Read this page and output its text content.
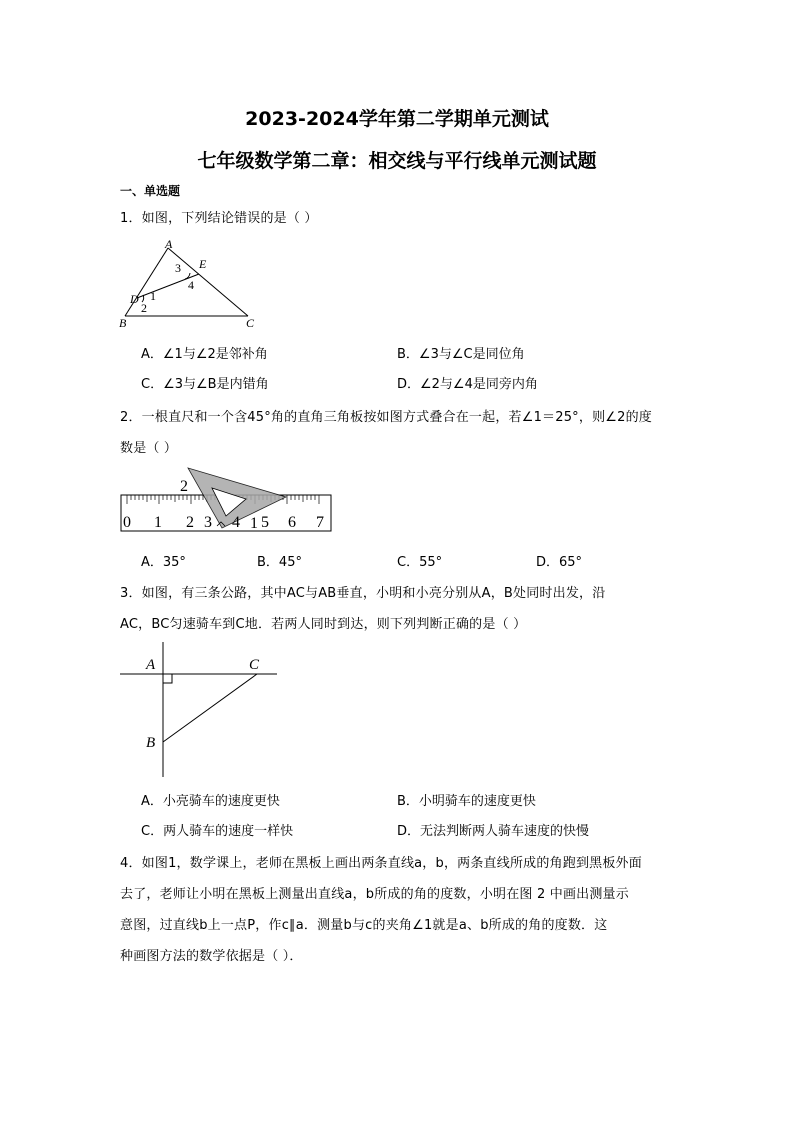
2023-2024学年第二学期单元测试
七年级数学第二章：相交线与平行线单元测试题
一、单选题
1．如图，下列结论错误的是（ ）
A
E
3
4
1
D
2
B	C
A．∠1与∠2是邻补角	B．∠3与∠C是同位角
C．∠3与∠B是内错角	D．∠2与∠4是同旁内角
2．一根直尺和一个含45°角的直角三角板按如图方式叠合在一起，若∠1＝25°，则∠2的度
数是（ ）
2
1
0 1 2 3 4 5 6 7
A．35°	B．45°	C．55°	D．65°
3．如图，有三条公路，其中AC与AB垂直，小明和小亮分别从A，B处同时出发，沿
AC，BC匀速骑车到C地．若两人同时到达，则下列判断正确的是（ ）
A	C
B
A．小亮骑车的速度更快	B．小明骑车的速度更快
C．两人骑车的速度一样快	D．无法判断两人骑车速度的快慢
4．如图1，数学课上，老师在黑板上画出两条直线a，b，两条直线所成的角跑到黑板外面
去了，老师让小明在黑板上测量出直线a，b所成的角的度数，小明在图 2 中画出测量示
意图，过直线b上一点P，作c∥a．测量b与c的夹角∠1就是a、b所成的角的度数．这
种画图方法的数学依据是（ ）．
